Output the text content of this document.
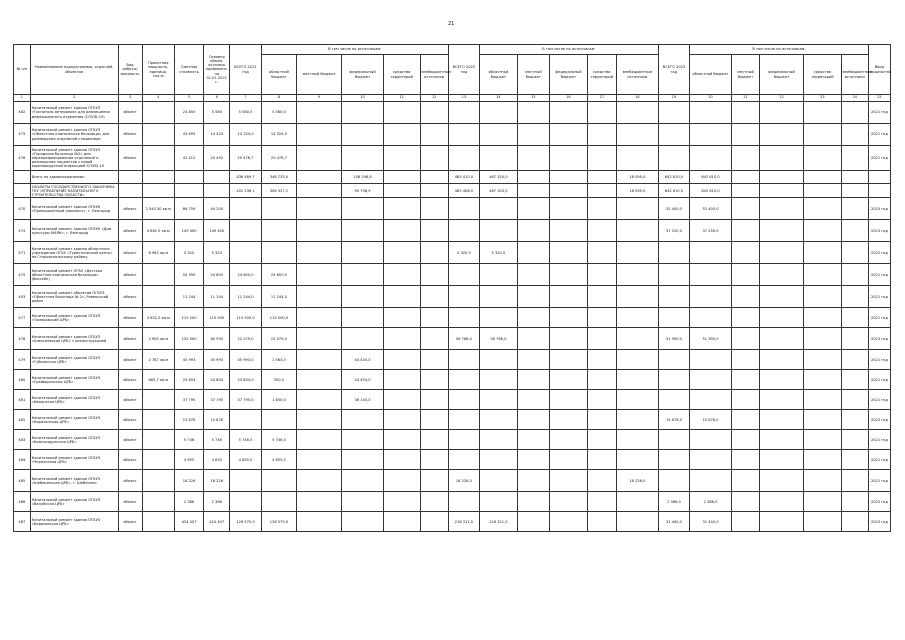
21
№ п/п	Наименование подпрограммы, отраслей, объектов	Вид работы/ мощность	Проектная мощность, единица, тыс.м	Сметная стоимость	Освоено объем, осталось профинанс. на 01.01.2021 г.	ВСЕГО 2021 год	В том числе по источникам:					ВСЕГО 2022 год	В том числе по источникам:					ВСЕГО 2023 год	В том числе по источникам:					Ввод мощностей
							областной бюджет	местный бюджет	федеральный бюджет	средства территорий	внебюджетные источники		областной бюджет	местный бюджет	федеральный бюджет	средства территорий	внебюджетные источники		областной бюджет	местный бюджет	федеральный бюджет	средства территорий	внебюджетные источники	
1	2	3	4	5	6	7	8	9	10	11	12	13	14	15	16	17	18	19	20	21	22	23	24	25
462	Капитальный ремонт здания ОГБУЗ «Госпиталь ветеранов» для размещения инфекционного отделения (COVID-19)	объект		24 850	5 580	5 580,0	5 580,0																	2021 год
475	Капитальный ремонт здания ОГБУЗ «Областная клиническая больница» для размещения отделений стационара	объект		43 695	14 324	14 324,0	14 324,0																	2021 год
476	Капитальный ремонт здания ОГБУЗ «Городская больница №2» для перепрофилирования отделений и размещения пациентов с новой коронавирусной инфекцией COVID-19	объект		42 412	20 492	20 476,7	20 476,7																	2021 год
	Всего по здравоохранению:					436 489,7	346 733,0		108 298,8			485 410,0	467 320,0				18 095,0	642 610,0	642 610,0					
	ОБЪЕКТЫ ГОСУДАРСТВЕННОГО ЗАКАЗЧИКА ГКУ «УПРАВЛЕНИЕ КАПИТАЛЬНОГО СТРОИТЕЛЬСТВА ОБЛАСТИ»					402 136,1	306 337,2		95 798,9			485 408,0	467 303,0				18 095,0	642 610,0	642 610,0					
470	Капитальный ремонт здания ОГБУК «Промышленный комплекс», г. Белгород	объект	2 045,30 кв.м	86 759	44 200													52 400,0	52 400,0					2023 год
474	Капитальный ремонт здания ОГБУК «Дом культуры МАЯК», г. Белгород	объект	4 862,9 кв.м	149 400	149 400													37 250,0	37 250,0					2023 год
471	Капитальный ремонт здания областного учреждения ОГБУ «Туристический центр» по Старооскольскому району	объект	6 982 кв.м	5 320	5 320							5 320,0	5 320,0											2022 год
475	Капитальный ремонт ОГБУ «Детская областная клиническая больница» (бассейн)	объект		54 999	24 600	24 600,0	24 600,0																	2021 год
403	Капитальный ремонт объектов ОГБУЗ «Областная больница № 2», Ровеньский район	объект		11 244	11 244	11 244,0	11 244,0																	2021 год
477	Капитальный ремонт здания ОГБУЗ «Томаровский ЦРБ»	объект	3 652,5 кв.м	115 500	115 500	115 500,0	115 500,0																	2021 год
478	Капитальный ремонт здания ОГБУЗ «Алексеевская ЦРБ» с реконструкцией	объект	3 900 кв.м	152 500	80 935	22 079,0	22 079,0					56 766,0	56 766,0					51 390,0	51 390,0					2023 год
479	Капитальный ремонт здания ОГБУЗ «Губкинская ЦРБ»	объект	2 787 кв.м	45 993	45 993	45 993,0	1 563,0		44 430,0															2021 год
480	Капитальный ремонт здания ОГБУЗ «Грайворонская ЦРБ»	объект	865,7 кв.м	24 804	24 804	24 804,0	350,0		24 454,0															2021 год
481	Капитальный ремонт здания ОГБУЗ «Ивнянская ЦРБ»	объект		37 795	37 795	37 795,0	1 650,0		36 145,0															2021 год
482	Капитальный ремонт здания ОГБУЗ «Корочанская ЦРБ»	объект		15 678	15 678													15 678,0	15 678,0					2023 год
483	Капитальный ремонт здания ОГБУЗ «Краснояружская ЦРБ»	объект		5 746	5 746	5 746,0	5 746,0																	2021 год
484	Капитальный ремонт здания ОГБУЗ «Чернянская ЦРБ»	объект		4 655	4 655	4 655,0	4 655,0																	2021 год
485	Капитальный ремонт здания ОГБУЗ «Шебекинская ЦРБ», г. Шебекино	объект		18 226	18 226							18 226,0					18 226,0							2022 год
486	Капитальный ремонт здания ОГБУЗ «Валуйская ЦРБ»	объект		2 386	2 386													2 386,0	2 386,0					2023 год
487	Капитальный ремонт здания ОГБУЗ «Борисовская ЦРБ»	объект		424 407	424 407	126 575,0	126 575,0					218 311,0	218 311,0					31 440,0	31 440,0					2023 год
